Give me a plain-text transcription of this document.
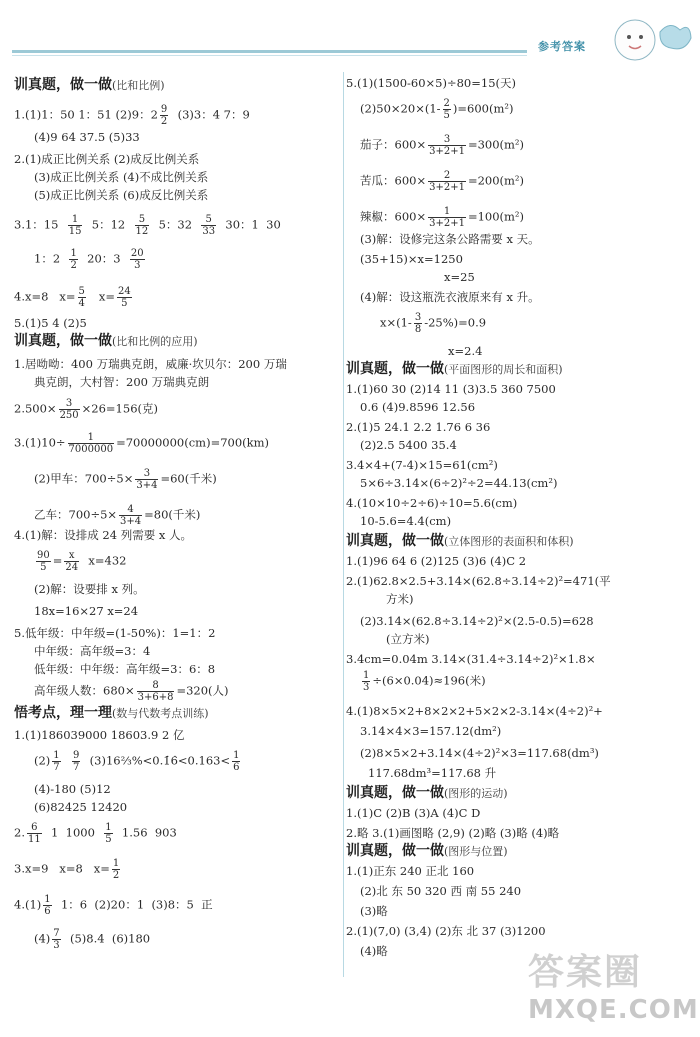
参考答案
训真题，做一做(比和比例)
1.(1)1：50 1：51 (2)9：$2 \frac{9}{2} (3)3$：4 7：9
(4)9 64 37.5 (5)33
2.(1)成正比例关系 (2)成反比例关系
(3)成正比例关系 (4)不成比例关系
(5)成正比例关系 (6)成反比例关系
3.1：$15 \frac{1}{15} 5$：$12 \frac{5}{12} 5$：$32 \frac{5}{33} 30$：1  30
1：$2 \frac{1}{2} 20$：$3 \frac{20}{3}$
4.x=8   $x= \frac{5}{4} x= \frac{24}{5}$
5.(1)5 4 (2)5
训真题，做一做(比和比例的应用)
1.居呦呦：400 万瑞典克朗，威廉·坎贝尔：200 万瑞
典克朗，大村智：200 万瑞典克朗
$2.500\times \frac{3}{250} \times 26=156$(克)
$3.(1)10\div \frac{1}{7000000} =70000000(cm)=700(km)$
(2)甲车：$700\div 5\times \frac{3}{3+4} =60$(千米)
乙车：$700\div 5\times \frac{4}{3+4} =80$(千米)
4.(1)解：设排成 24 列需要 x 人。
$\frac{90}{5} = \frac{x}{24} x=432$
(2)解：设要排 x 列。
18x=16×27 x=24
5.低年级：中年级=(1-50%)：1=1：2
中年级：高年级=3：4
低年级：中年级：高年级=3：6：8
高年级人数：$680\times \frac{8}{3+6+8} =320$(人)
悟考点，理一理(数与代数考点训练)
1.(1)186039000 18603.9 2 亿
$(2) \frac{1}{7}$
$\frac{9}{7}$ (3)16⅔%<0.1̇6̇<0.163< $\frac{1}{6}$
(4)-180 (5)12
(6)82425 12420
2. $\frac{6}{11} 1$  $1000 \frac{1}{5} 1.56$  903
3.x=9   x=8   $x= \frac{1}{2}$
$4.(1) \frac{1}{6} 1$：6  (2)20：1  (3)8：5  正
$(4) \frac{7}{3} (5)8.4$  (6)180
5.(1)(1500-60×5)÷80=15(天)
$(2)50\times 20\times(1- \frac{2}{5} )=600(m^2)$
茄子：$600\times \frac{3}{3+2+1} =300(m^2)$
苦瓜：$600\times \frac{2}{3+2+1} =200(m^2)$
辣椒：$600\times \frac{1}{3+2+1} =100(m^2)$
(3)解：设修完这条公路需要 x 天。
(35+15)×x=1250
x=25
(4)解：设这瓶洗衣液原来有 x 升。
$x\times(1- \frac{3}{8} -25\%)=0.9$
x=2.4
训真题，做一做(平面图形的周长和面积)
1.(1)60 30 (2)14 11 (3)3.5 360 7500
0.6 (4)9.8596 12.56
2.(1)5 24.1 2.2 1.76 6 36
(2)2.5 5400 35.4
3.4×4+(7-4)×15=61(cm²)
5×6÷3.14×(6÷2)²÷2=44.13(cm²)
4.(10×10÷2÷6)÷10=5.6(cm)
10-5.6=4.4(cm)
训真题，做一做(立体图形的表面积和体积)
1.(1)96 64 6 (2)125 (3)6 (4)C 2
2.(1)62.8×2.5+3.14×(62.8÷3.14÷2)²=471(平
方米)
(2)3.14×(62.8÷3.14÷2)²×(2.5-0.5)=628
(立方米)
3.4cm=0.04m 3.14×(31.4÷3.14÷2)²×1.8×
$\frac{1}{3} \div(6\times 0.04)\approx 196$(米)
4.(1)8×5×2+8×2×2+5×2×2-3.14×(4÷2)²+
3.14×4×3=157.12(dm²)
(2)8×5×2+3.14×(4÷2)²×3=117.68(dm³)
117.68dm³=117.68 升
训真题，做一做(图形的运动)
1.(1)C (2)B (3)A (4)C D
2.略 3.(1)画图略 (2,9) (2)略 (3)略 (4)略
训真题，做一做(图形与位置)
1.(1)正东 240 正北 160
(2)北 东 50 320 西 南 55 240
(3)略
2.(1)(7,0) (3,4) (2)东 北 37 (3)1200
(4)略
答案圈
MXQE.COM
